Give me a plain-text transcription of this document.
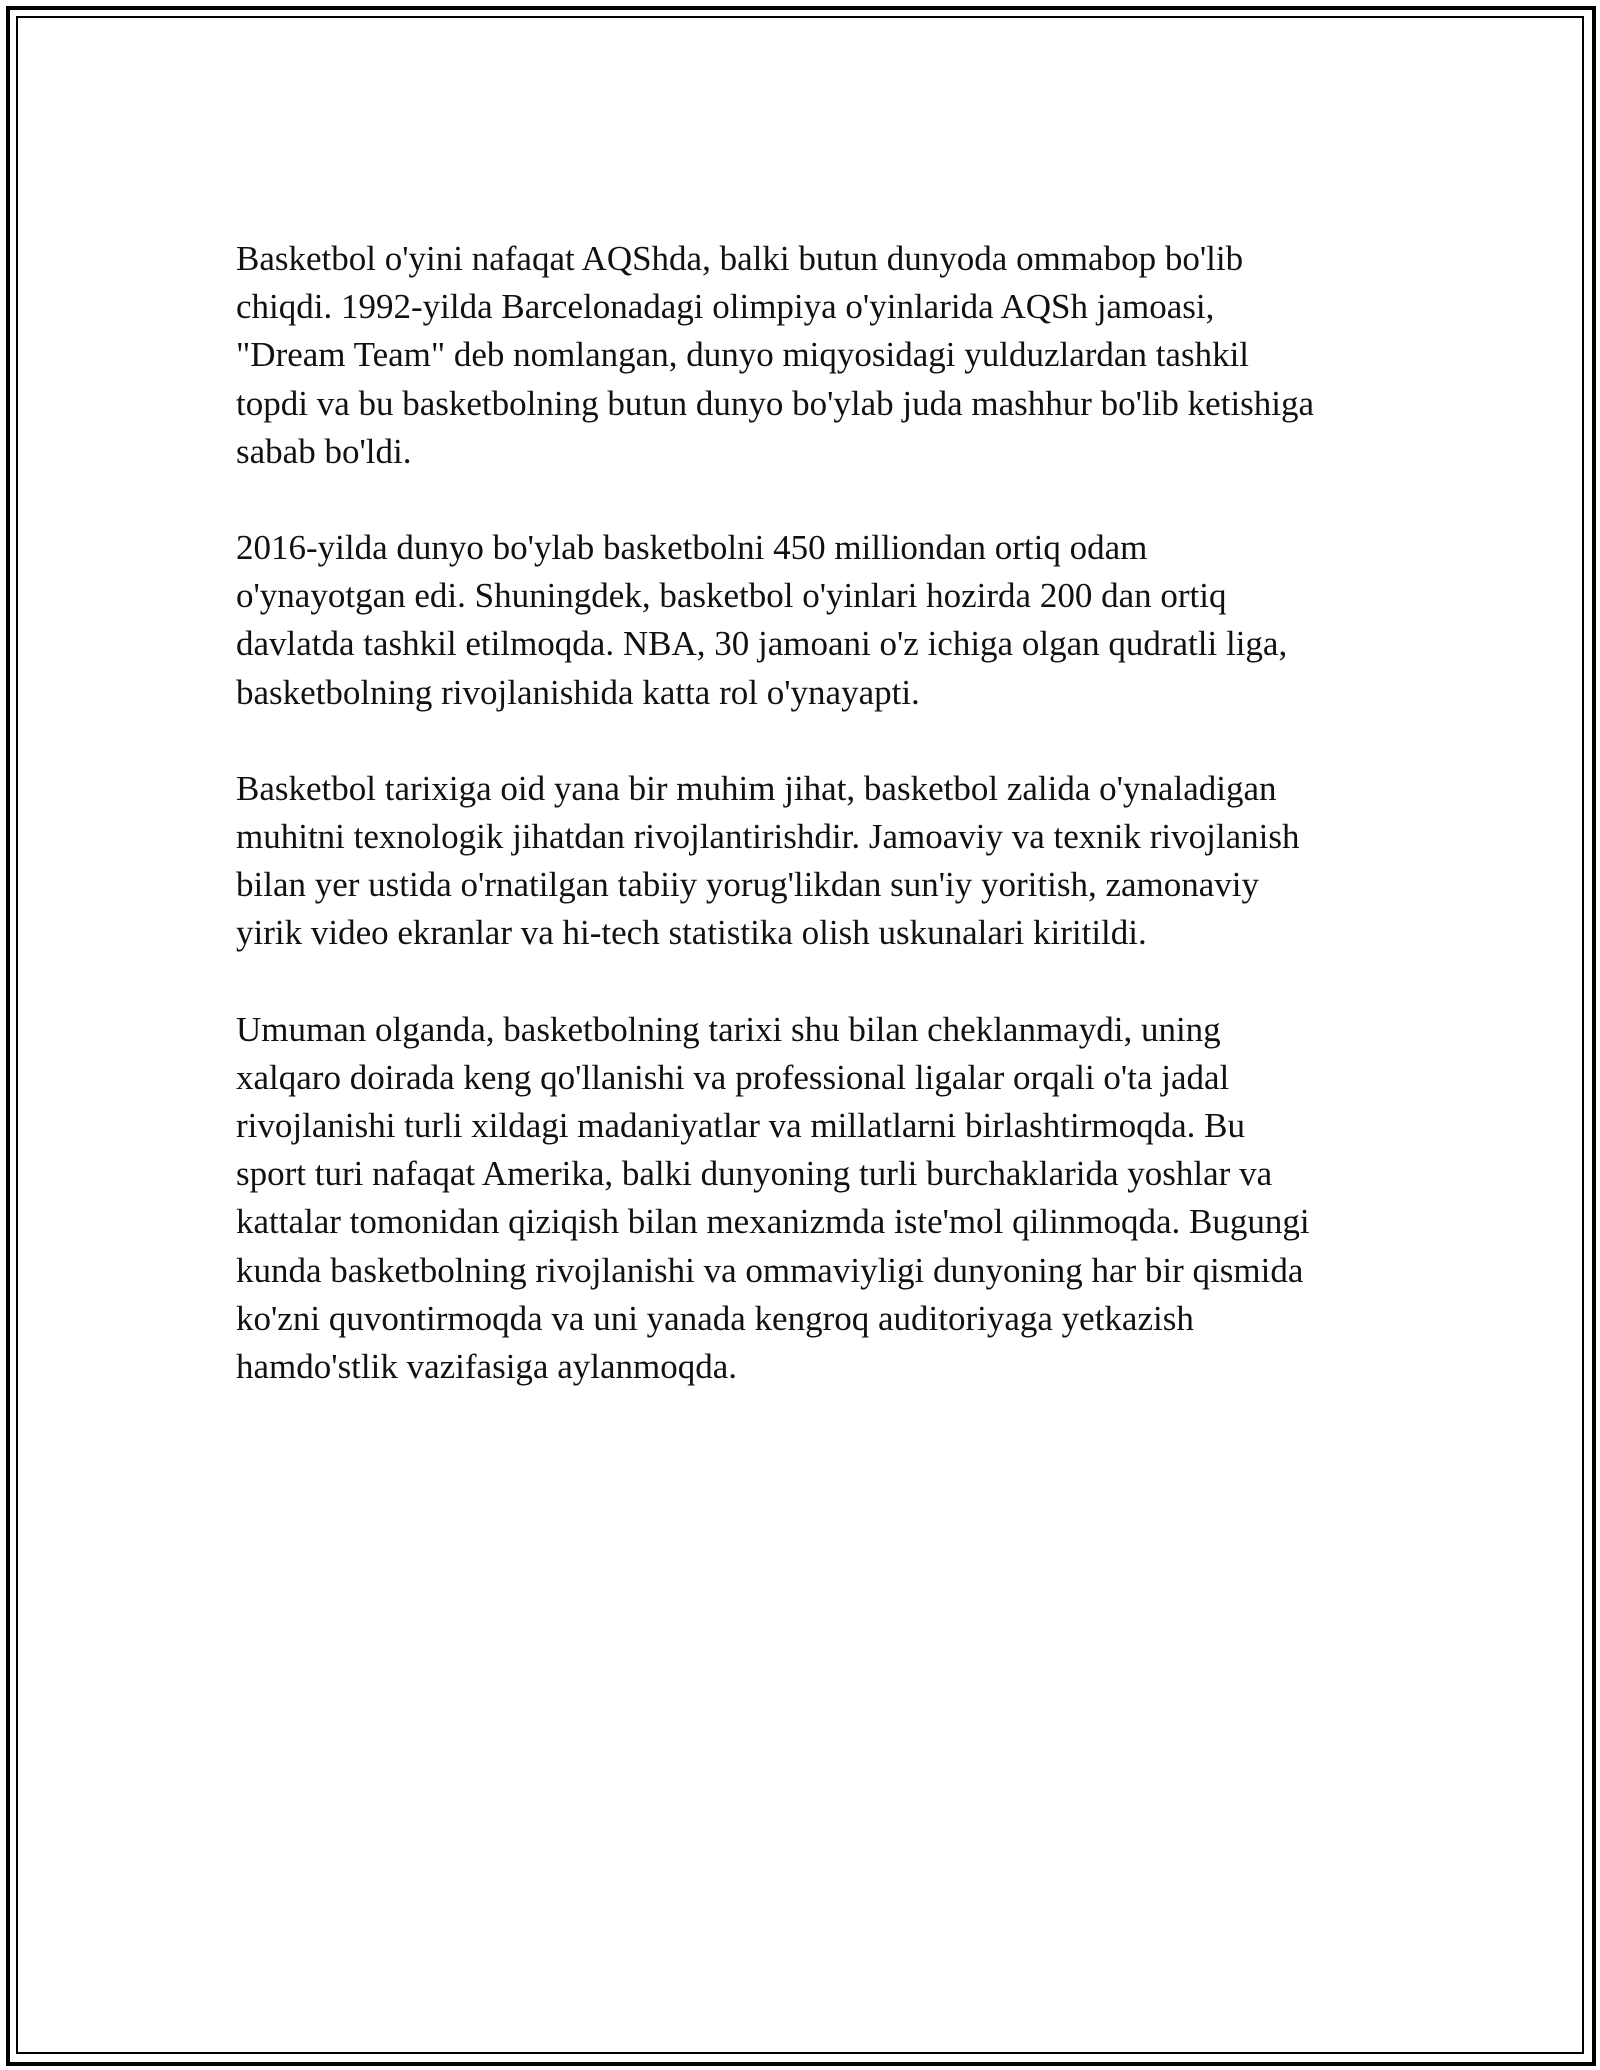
Basketbol o'yini nafaqat AQShda, balki butun dunyoda ommabop bo'lib
chiqdi. 1992-yilda Barcelonadagi olimpiya o'yinlarida AQSh jamoasi,
"Dream Team" deb nomlangan, dunyo miqyosidagi yulduzlardan tashkil
topdi va bu basketbolning butun dunyo bo'ylab juda mashhur bo'lib ketishiga
sabab bo'ldi.

2016-yilda dunyo bo'ylab basketbolni 450 milliondan ortiq odam
o'ynayotgan edi. Shuningdek, basketbol o'yinlari hozirda 200 dan ortiq
davlatda tashkil etilmoqda. NBA, 30 jamoani o'z ichiga olgan qudratli liga,
basketbolning rivojlanishida katta rol o'ynayapti.

Basketbol tarixiga oid yana bir muhim jihat, basketbol zalida o'ynaladigan
muhitni texnologik jihatdan rivojlantirishdir. Jamoaviy va texnik rivojlanish
bilan yer ustida o'rnatilgan tabiiy yorug'likdan sun'iy yoritish, zamonaviy
yirik video ekranlar va hi-tech statistika olish uskunalari kiritildi.

Umuman olganda, basketbolning tarixi shu bilan cheklanmaydi, uning
xalqaro doirada keng qo'llanishi va professional ligalar orqali o'ta jadal
rivojlanishi turli xildagi madaniyatlar va millatlarni birlashtirmoqda. Bu
sport turi nafaqat Amerika, balki dunyoning turli burchaklarida yoshlar va
kattalar tomonidan qiziqish bilan mexanizmda iste'mol qilinmoqda. Bugungi
kunda basketbolning rivojlanishi va ommaviyligi dunyoning har bir qismida
ko'zni quvontirmoqda va uni yanada kengroq auditoriyaga yetkazish
hamdo'stlik vazifasiga aylanmoqda.
